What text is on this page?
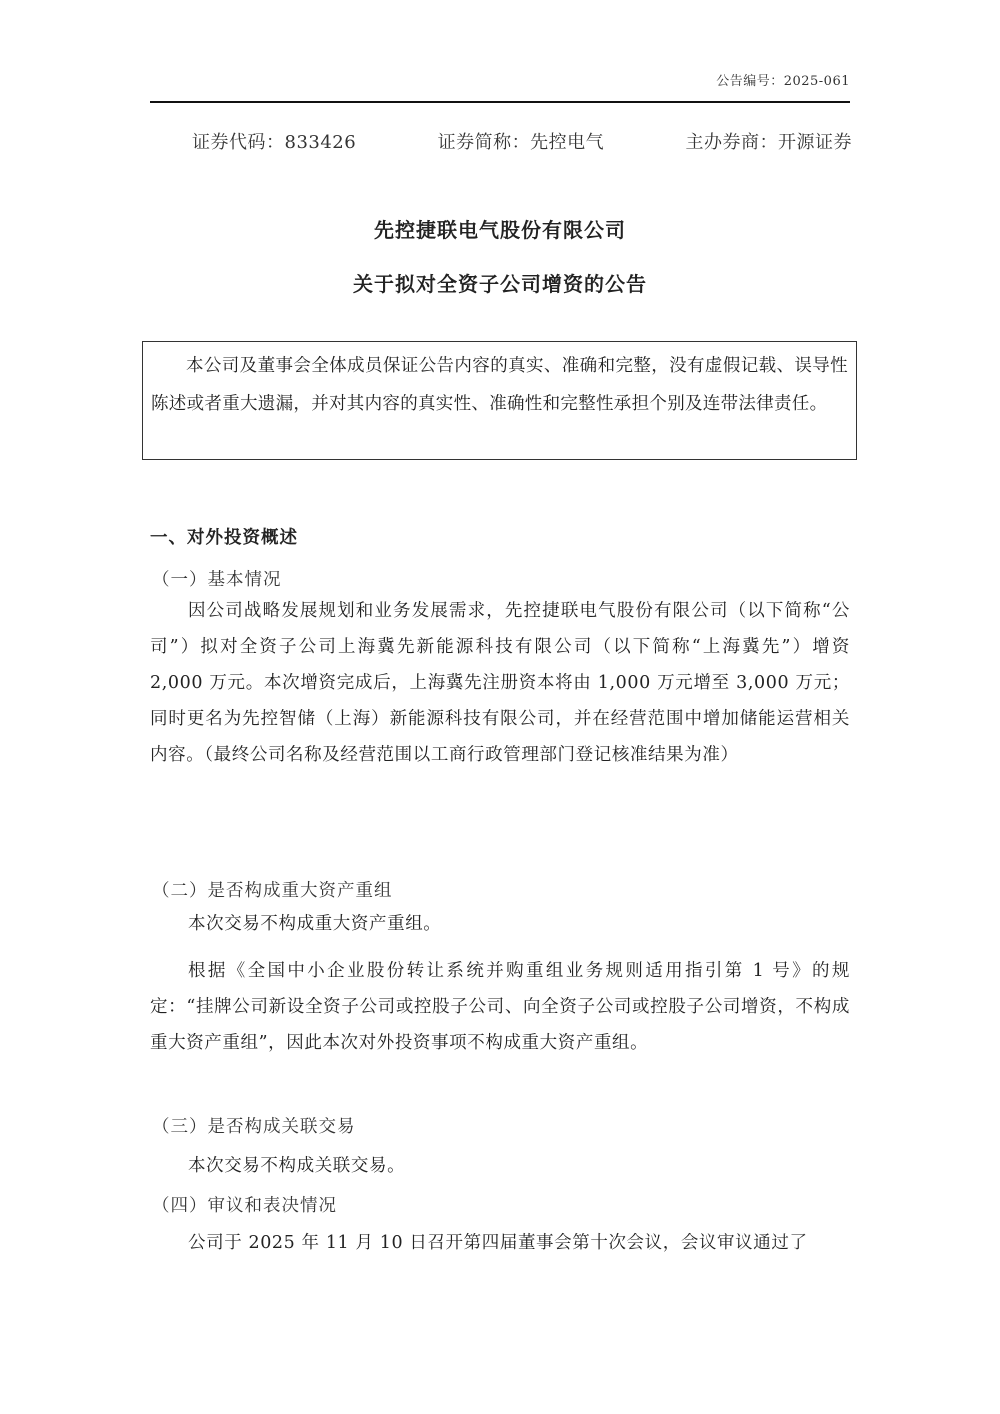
公告编号：2025-061
证券代码：833426	证券简称：先控电气	主办券商：开源证券
先控捷联电气股份有限公司
关于拟对全资子公司增资的公告

本公司及董事会全体成员保证公告内容的真实、准确和完整，没有虚假记载、误导性陈述或者重大遗漏，并对其内容的真实性、准确性和完整性承担个别及连带法律责任。

一、对外投资概述
（一）基本情况

因公司战略发展规划和业务发展需求，先控捷联电气股份有限公司（以下简称“公司”）拟对全资子公司上海冀先新能源科技有限公司（以下简称“上海冀先”）增资 2,000 万元。本次增资完成后，上海冀先注册资本将由 1,000 万元增至 3,000 万元；同时更名为先控智储（上海）新能源科技有限公司，并在经营范围中增加储能运营相关内容。（最终公司名称及经营范围以工商行政管理部门登记核准结果为准）

（二）是否构成重大资产重组

本次交易不构成重大资产重组。

根据《全国中小企业股份转让系统并购重组业务规则适用指引第 1 号》的规定：“挂牌公司新设全资子公司或控股子公司、向全资子公司或控股子公司增资，不构成重大资产重组”，因此本次对外投资事项不构成重大资产重组。

（三）是否构成关联交易

本次交易不构成关联交易。

（四）审议和表决情况

公司于 2025 年 11 月 10 日召开第四届董事会第十次会议，会议审议通过了
